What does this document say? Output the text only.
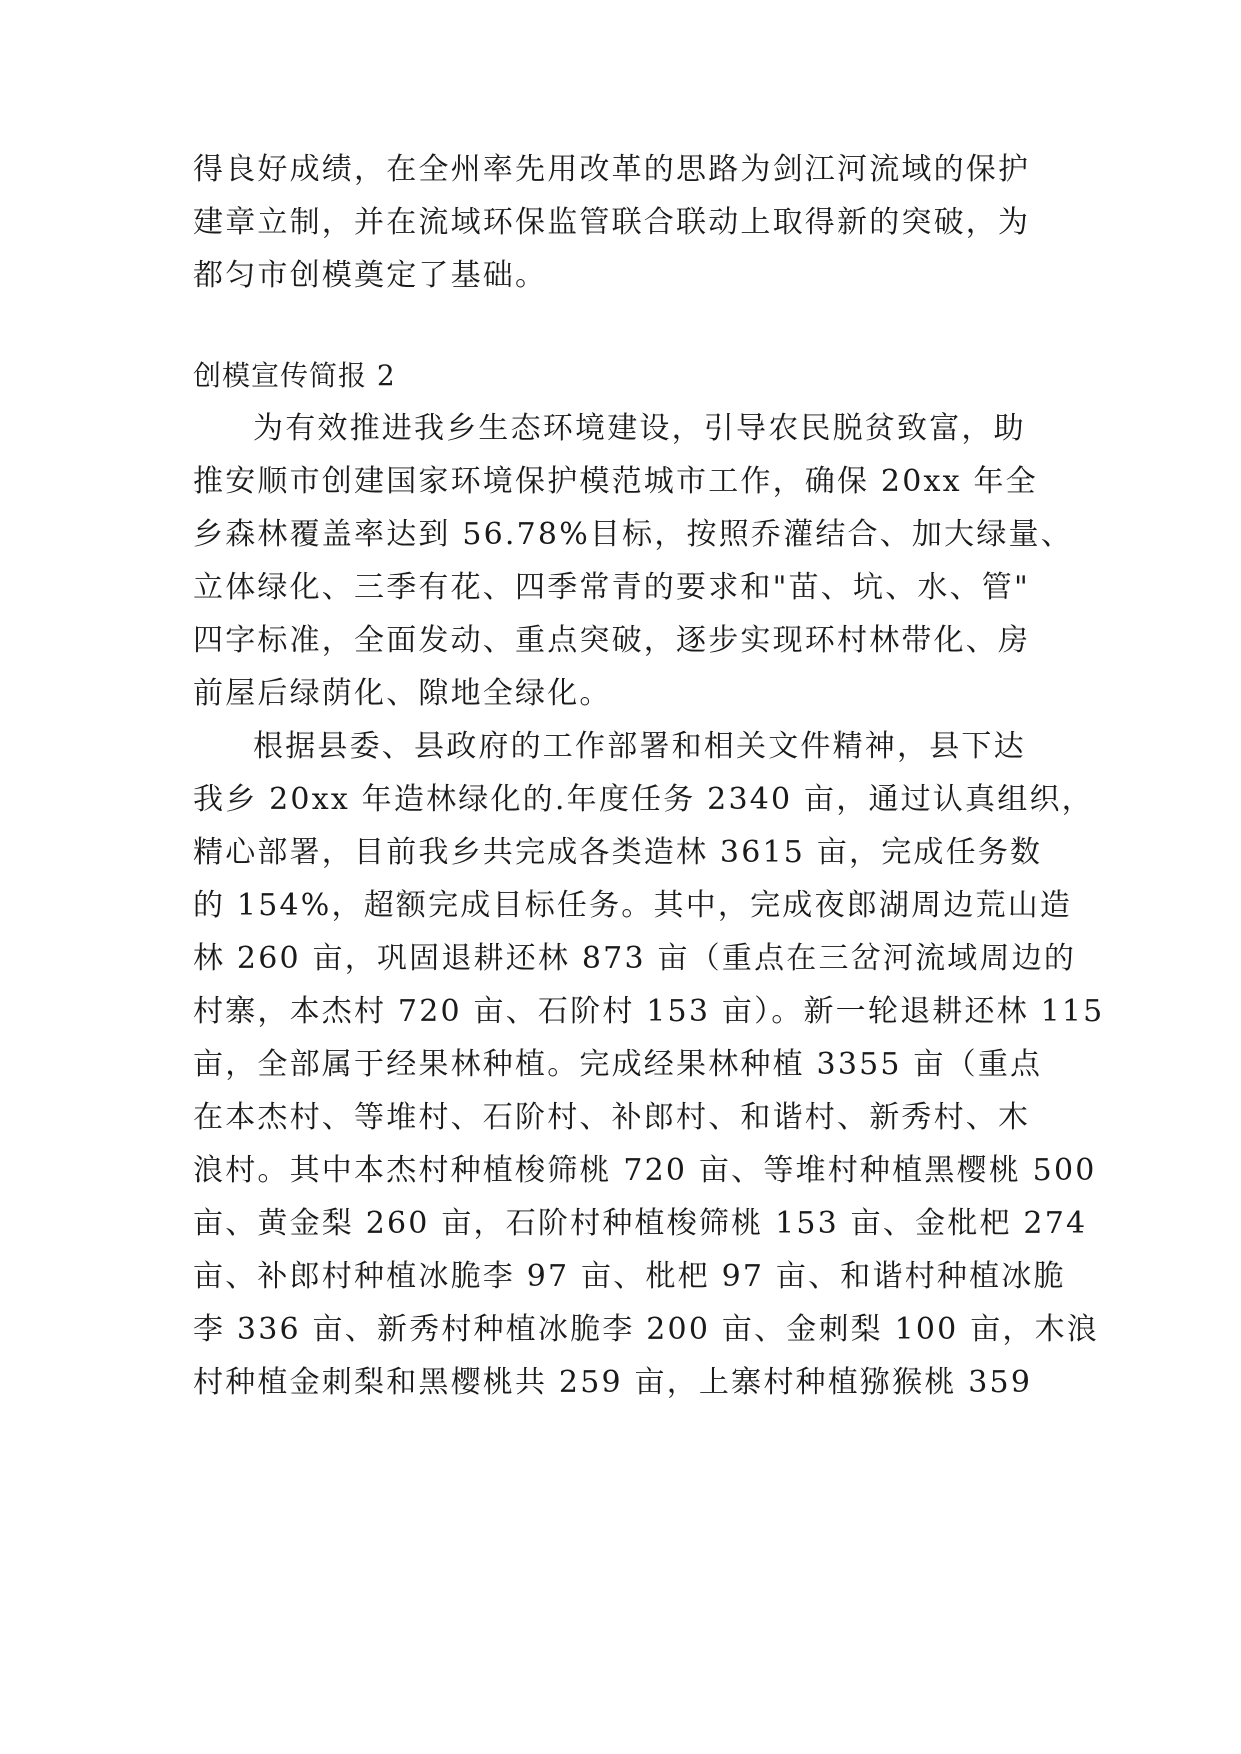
得良好成绩，在全州率先用改革的思路为剑江河流域的保护
建章立制，并在流域环保监管联合联动上取得新的突破，为
都匀市创模奠定了基础。
创模宣传简报 2
为有效推进我乡生态环境建设，引导农民脱贫致富，助
推安顺市创建国家环境保护模范城市工作，确保 20xx 年全
乡森林覆盖率达到 56.78%目标，按照乔灌结合、加大绿量、
立体绿化、三季有花、四季常青的要求和"苗、坑、水、管"
四字标准，全面发动、重点突破，逐步实现环村林带化、房
前屋后绿荫化、隙地全绿化。
根据县委、县政府的工作部署和相关文件精神，县下达
我乡 20xx 年造林绿化的.年度任务 2340 亩，通过认真组织，
精心部署，目前我乡共完成各类造林 3615 亩，完成任务数
的 154%，超额完成目标任务。其中，完成夜郎湖周边荒山造
林 260 亩，巩固退耕还林 873 亩（重点在三岔河流域周边的
村寨，本杰村 720 亩、石阶村 153 亩）。新一轮退耕还林 115
亩，全部属于经果林种植。完成经果林种植 3355 亩（重点
在本杰村、等堆村、石阶村、补郎村、和谐村、新秀村、木
浪村。其中本杰村种植梭筛桃 720 亩、等堆村种植黑樱桃 500
亩、黄金梨 260 亩，石阶村种植梭筛桃 153 亩、金枇杷 274
亩、补郎村种植冰脆李 97 亩、枇杷 97 亩、和谐村种植冰脆
李 336 亩、新秀村种植冰脆李 200 亩、金刺梨 100 亩，木浪
村种植金刺梨和黑樱桃共 259 亩，上寨村种植猕猴桃 359
